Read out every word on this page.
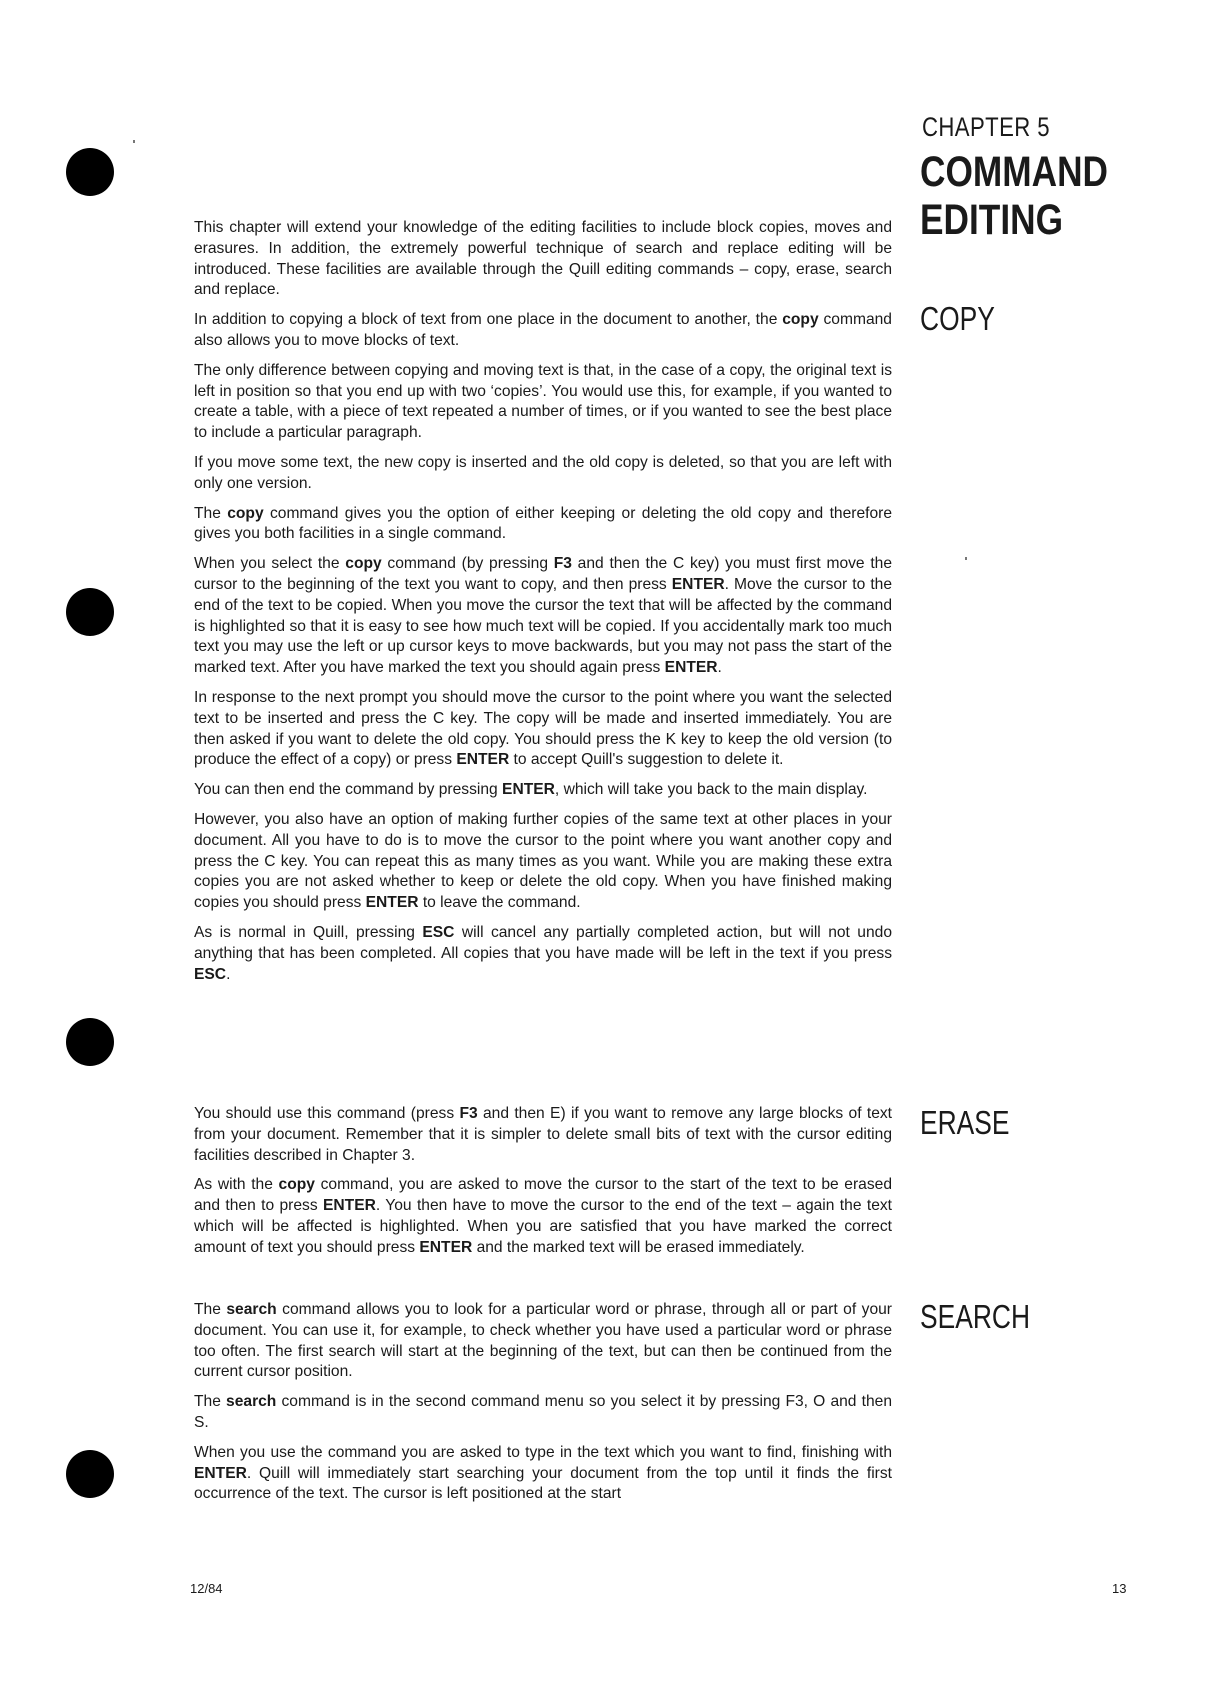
CHAPTER 5
COMMAND
EDITING
COPY
ERASE
SEARCH

This chapter will extend your knowledge of the editing facilities to include block copies, moves and erasures. In addition, the extremely powerful technique of search and replace editing will be introduced. These facilities are available through the Quill editing commands – copy, erase, search and replace.

In addition to copying a block of text from one place in the document to another, the copy command also allows you to move blocks of text.

The only difference between copying and moving text is that, in the case of a copy, the original text is left in position so that you end up with two ‘copies’. You would use this, for example, if you wanted to create a table, with a piece of text repeated a number of times, or if you wanted to see the best place to include a particular paragraph.

If you move some text, the new copy is inserted and the old copy is deleted, so that you are left with only one version.

The copy command gives you the option of either keeping or deleting the old copy and therefore gives you both facilities in a single command.

When you select the copy command (by pressing F3 and then the C key) you must first move the cursor to the beginning of the text you want to copy, and then press ENTER. Move the cursor to the end of the text to be copied. When you move the cursor the text that will be affected by the command is highlighted so that it is easy to see how much text will be copied. If you accidentally mark too much text you may use the left or up cursor keys to move backwards, but you may not pass the start of the marked text. After you have marked the text you should again press ENTER.

In response to the next prompt you should move the cursor to the point where you want the selected text to be inserted and press the C key. The copy will be made and inserted immediately. You are then asked if you want to delete the old copy. You should press the K key to keep the old version (to produce the effect of a copy) or press ENTER to accept Quill's suggestion to delete it.

You can then end the command by pressing ENTER, which will take you back to the main display.

However, you also have an option of making further copies of the same text at other places in your document. All you have to do is to move the cursor to the point where you want another copy and press the C key. You can repeat this as many times as you want. While you are making these extra copies you are not asked whether to keep or delete the old copy. When you have finished making copies you should press ENTER to leave the command.

As is normal in Quill, pressing ESC will cancel any partially completed action, but will not undo anything that has been completed. All copies that you have made will be left in the text if you press ESC.

You should use this command (press F3 and then E) if you want to remove any large blocks of text from your document. Remember that it is simpler to delete small bits of text with the cursor editing facilities described in Chapter 3.

As with the copy command, you are asked to move the cursor to the start of the text to be erased and then to press ENTER. You then have to move the cursor to the end of the text – again the text which will be affected is highlighted. When you are satisfied that you have marked the correct amount of text you should press ENTER and the marked text will be erased immediately.

The search command allows you to look for a particular word or phrase, through all or part of your document. You can use it, for example, to check whether you have used a particular word or phrase too often. The first search will start at the beginning of the text, but can then be continued from the current cursor position.

The search command is in the second command menu so you select it by pressing F3, O and then S.

When you use the command you are asked to type in the text which you want to find, finishing with ENTER. Quill will immediately start searching your document from the top until it finds the first occurrence of the text. The cursor is left positioned at the start

12/84	13
